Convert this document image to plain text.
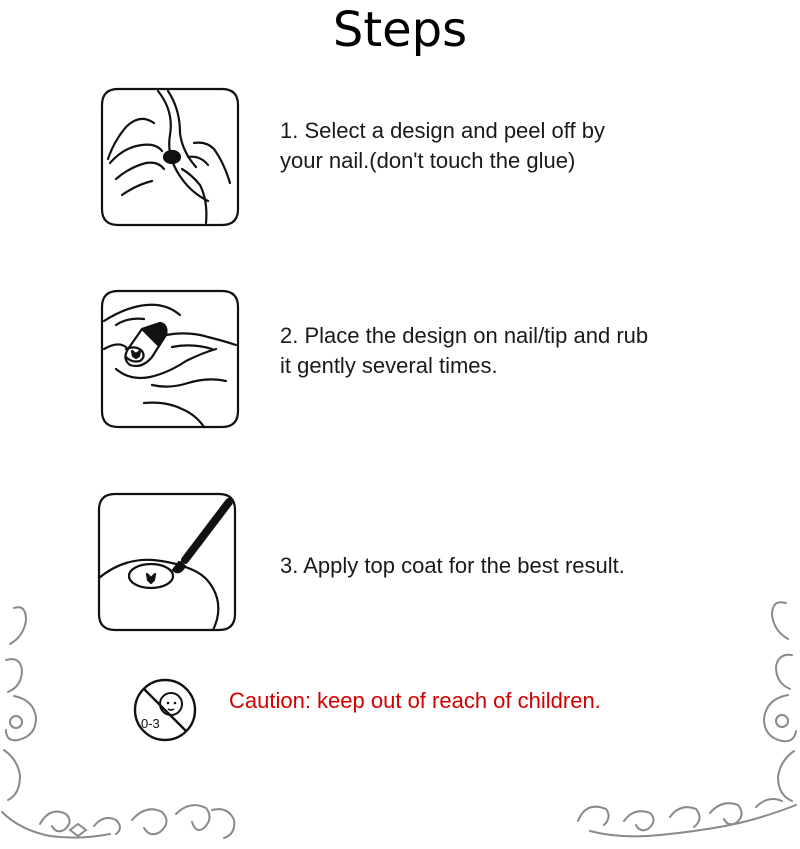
Steps
1. Select a design and peel off by
your nail.(don't touch the glue)
2. Place the design on nail/tip and rub
it gently several times.
3. Apply top coat for the best result.
0-3
Caution: keep out of reach of children.
